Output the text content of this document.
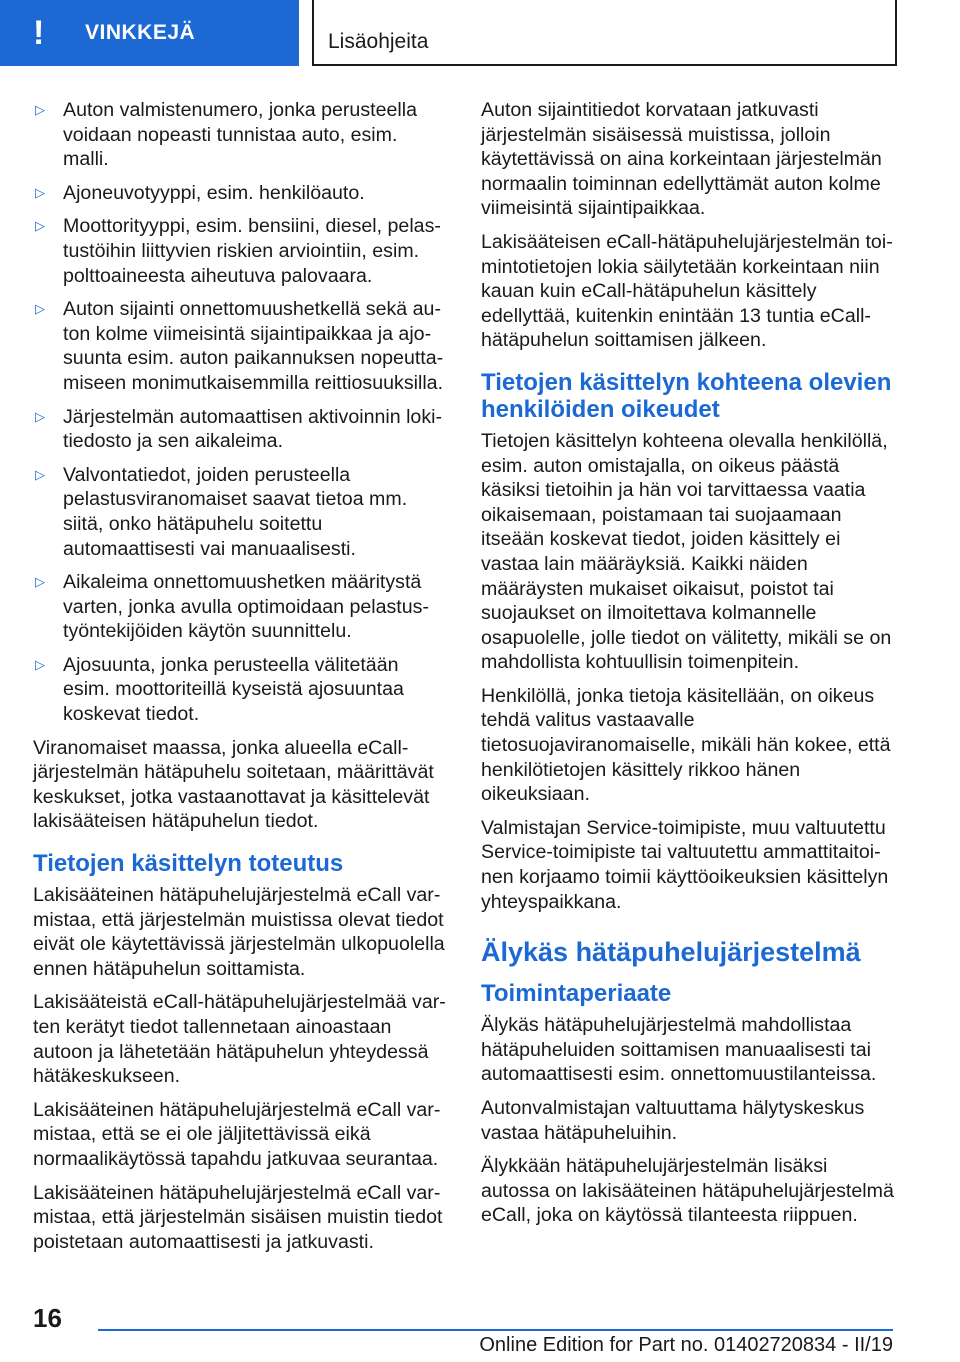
!	VINKKEJÄ	Lisäohjeita
▷ Auton valmistenumero, jonka perusteella voidaan nopeasti tunnistaa auto, esim. malli.
▷ Ajoneuvotyyppi, esim. henkilöauto.
▷ Moottorityyppi, esim. bensiini, diesel, pelastustöihin liittyvien riskien arviointiin, esim. polttoaineesta aiheutuva palovaara.
▷ Auton sijainti onnettomuushetkellä sekä auton kolme viimeisintä sijaintipaikkaa ja ajosuunta esim. auton paikannuksen nopeuttamiseen monimutkaisemmilla reittiosuuksilla.
▷ Järjestelmän automaattisen aktivoinnin lokitiedosto ja sen aikaleima.
▷ Valvontatiedot, joiden perusteella pelastusviranomaiset saavat tietoa mm. siitä, onko hätäpuhelu soitettu automaattisesti vai manuaalisesti.
▷ Aikaleima onnettomuushetken määritystä varten, jonka avulla optimoidaan pelastustyöntekijöiden käytön suunnittelu.
▷ Ajosuunta, jonka perusteella välitetään esim. moottoriteillä kyseistä ajosuuntaa koskevat tiedot.

Viranomaiset maassa, jonka alueella eCall-järjestelmän hätäpuhelu soitetaan, määrittävät keskukset, jotka vastaanottavat ja käsittelevät lakisääteisen hätäpuhelun tiedot.

Tietojen käsittelyn toteutus

Lakisääteinen hätäpuhelujärjestelmä eCall varmistaa, että järjestelmän muistissa olevat tiedot eivät ole käytettävissä järjestelmän ulkopuolella ennen hätäpuhelun soittamista.

Lakisääteistä eCall-hätäpuhelujärjestelmää varten kerätyt tiedot tallennetaan ainoastaan autoon ja lähetetään hätäpuhelun yhteydessä hätäkeskukseen.

Lakisääteinen hätäpuhelujärjestelmä eCall varmistaa, että se ei ole jäljitettävissä eikä normaalikäytössä tapahdu jatkuvaa seurantaa.

Lakisääteinen hätäpuhelujärjestelmä eCall varmistaa, että järjestelmän sisäisen muistin tiedot poistetaan automaattisesti ja jatkuvasti.

Auton sijaintitiedot korvataan jatkuvasti järjestelmän sisäisessä muistissa, jolloin käytettävissä on aina korkeintaan järjestelmän normaalin toiminnan edellyttämät auton kolme viimeisintä sijaintipaikkaa.

Lakisääteisen eCall-hätäpuhelujärjestelmän toimintotietojen lokia säilytetään korkeintaan niin kauan kuin eCall-hätäpuhelun käsittely edellyttää, kuitenkin enintään 13 tuntia eCall-hätäpuhelun soittamisen jälkeen.

Tietojen käsittelyn kohteena olevien henkilöiden oikeudet

Tietojen käsittelyn kohteena olevalla henkilöllä, esim. auton omistajalla, on oikeus päästä käsiksi tietoihin ja hän voi tarvittaessa vaatia oikaisemaan, poistamaan tai suojaamaan itseään koskevat tiedot, joiden käsittely ei vastaa lain määräyksiä. Kaikki näiden määräysten mukaiset oikaisut, poistot tai suojaukset on ilmoitettava kolmannelle osapuolelle, jolle tiedot on välitetty, mikäli se on mahdollista kohtuullisin toimenpitein.

Henkilöllä, jonka tietoja käsitellään, on oikeus tehdä valitus vastaavalle tietosuojaviranomaiselle, mikäli hän kokee, että henkilötietojen käsittely rikkoo hänen oikeuksiaan.

Valmistajan Service-toimipiste, muu valtuutettu Service-toimipiste tai valtuutettu ammattitaitoinen korjaamo toimii käyttöoikeuksien käsittelyn yhteyspaikkana.

Älykäs hätäpuhelujärjestelmä
Toimintaperiaate

Älykäs hätäpuhelujärjestelmä mahdollistaa hätäpuheluiden soittamisen manuaalisesti tai automaattisesti esim. onnettomuustilanteissa.

Autonvalmistajan valtuuttama hälytyskeskus vastaa hätäpuheluihin.

Älykkään hätäpuhelujärjestelmän lisäksi autossa on lakisääteinen hätäpuhelujärjestelmä eCall, joka on käytössä tilanteesta riippuen.

16
Online Edition for Part no. 01402720834 - II/19
